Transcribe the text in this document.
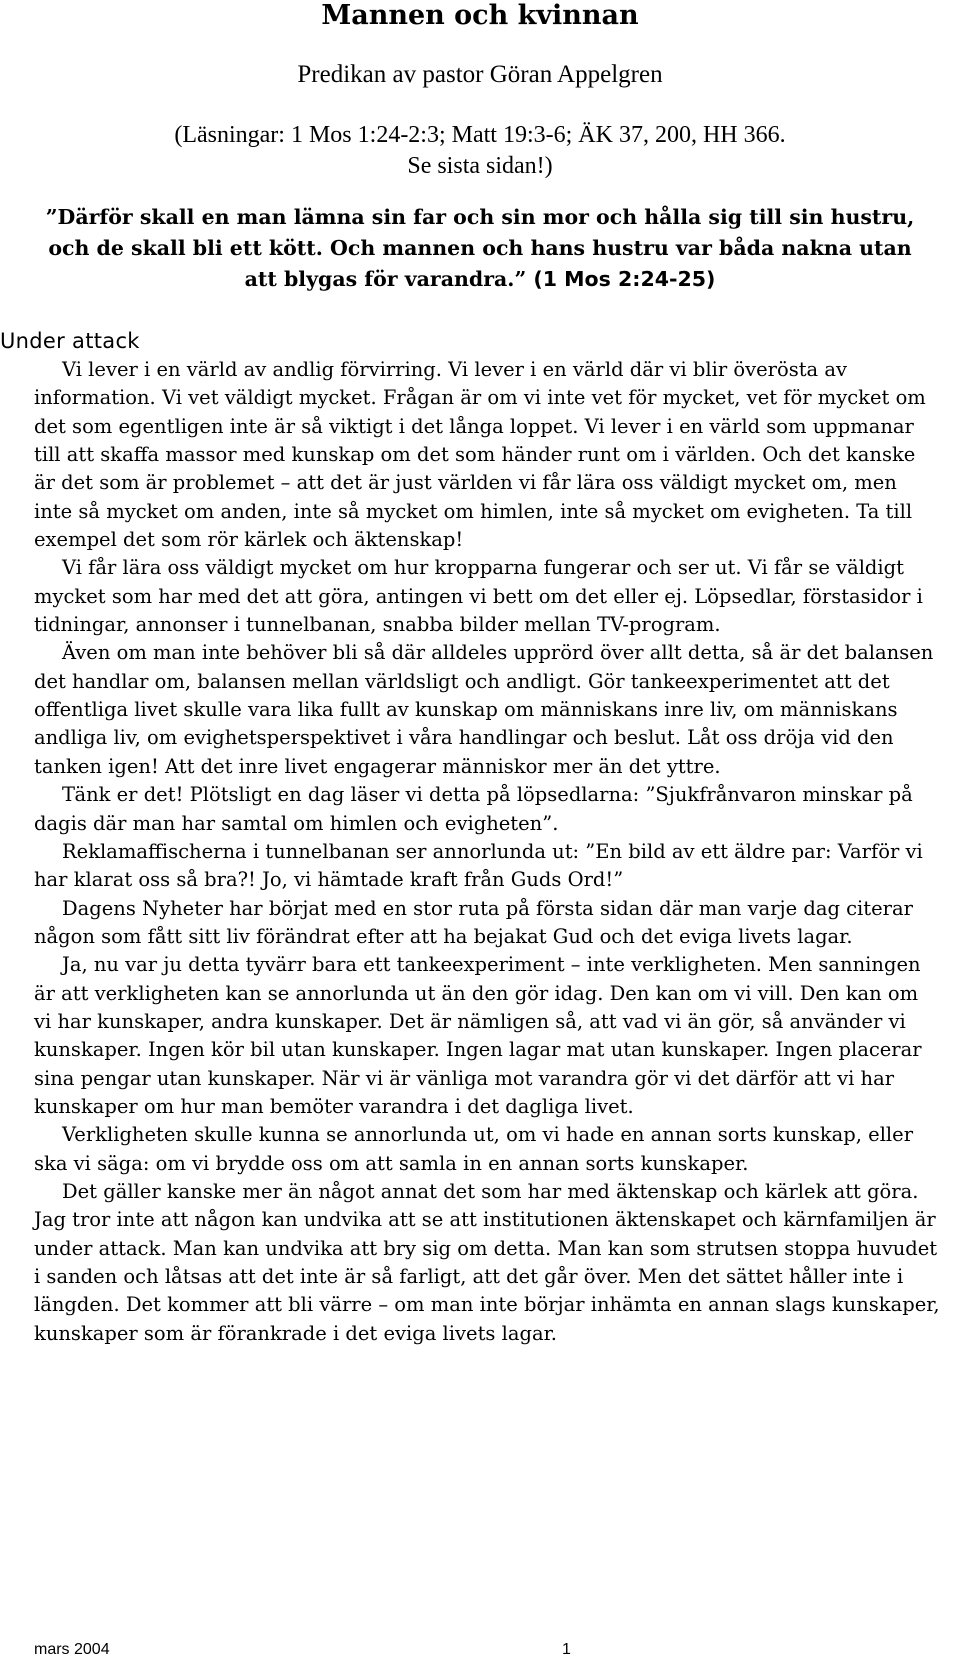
Mannen och kvinnan
Predikan av pastor Göran Appelgren
(Läsningar: 1 Mos 1:24-2:3; Matt 19:3-6; ÄK 37, 200, HH 366.
Se sista sidan!)
”Därför skall en man lämna sin far och sin mor och hålla sig till sin hustru, och de skall bli ett kött. Och mannen och hans hustru var båda nakna utan att blygas för varandra.” (1 Mos 2:24-25)
Under attack

Vi lever i en värld av andlig förvirring. Vi lever i en värld där vi blir överösta av information. Vi vet väldigt mycket. Frågan är om vi inte vet för mycket, vet för mycket om det som egentligen inte är så viktigt i det långa loppet. Vi lever i en värld som uppmanar till att skaffa massor med kunskap om det som händer runt om i världen. Och det kanske är det som är problemet – att det är just världen vi får lära oss väldigt mycket om, men inte så mycket om anden, inte så mycket om himlen, inte så mycket om evigheten. Ta till exempel det som rör kärlek och äktenskap!

Vi får lära oss väldigt mycket om hur kropparna fungerar och ser ut. Vi får se väldigt mycket som har med det att göra, antingen vi bett om det eller ej. Löpsedlar, förstasidor i tidningar, annonser i tunnelbanan, snabba bilder mellan TV-program.

Även om man inte behöver bli så där alldeles upprörd över allt detta, så är det balansen det handlar om, balansen mellan världsligt och andligt. Gör tankeexperimentet att det offentliga livet skulle vara lika fullt av kunskap om människans inre liv, om människans andliga liv, om evighetsperspektivet i våra handlingar och beslut. Låt oss dröja vid den tanken igen! Att det inre livet engagerar människor mer än det yttre.

Tänk er det! Plötsligt en dag läser vi detta på löpsedlarna: ”Sjukfrånvaron minskar på dagis där man har samtal om himlen och evigheten”.

Reklamaffischerna i tunnelbanan ser annorlunda ut: ”En bild av ett äldre par: Varför vi har klarat oss så bra?! Jo, vi hämtade kraft från Guds Ord!”

Dagens Nyheter har börjat med en stor ruta på första sidan där man varje dag citerar någon som fått sitt liv förändrat efter att ha bejakat Gud och det eviga livets lagar.

Ja, nu var ju detta tyvärr bara ett tankeexperiment – inte verkligheten. Men sanningen är att verkligheten kan se annorlunda ut än den gör idag. Den kan om vi vill. Den kan om vi har kunskaper, andra kunskaper. Det är nämligen så, att vad vi än gör, så använder vi kunskaper. Ingen kör bil utan kunskaper. Ingen lagar mat utan kunskaper. Ingen placerar sina pengar utan kunskaper. När vi är vänliga mot varandra gör vi det därför att vi har kunskaper om hur man bemöter varandra i det dagliga livet.

Verkligheten skulle kunna se annorlunda ut, om vi hade en annan sorts kunskap, eller ska vi säga: om vi brydde oss om att samla in en annan sorts kunskaper.

Det gäller kanske mer än något annat det som har med äktenskap och kärlek att göra. Jag tror inte att någon kan undvika att se att institutionen äktenskapet och kärnfamiljen är under attack. Man kan undvika att bry sig om detta. Man kan som strutsen stoppa huvudet i sanden och låtsas att det inte är så farligt, att det går över. Men det sättet håller inte i längden. Det kommer att bli värre – om man inte börjar inhämta en annan slags kunskaper, kunskaper som är förankrade i det eviga livets lagar.

mars 2004	1
